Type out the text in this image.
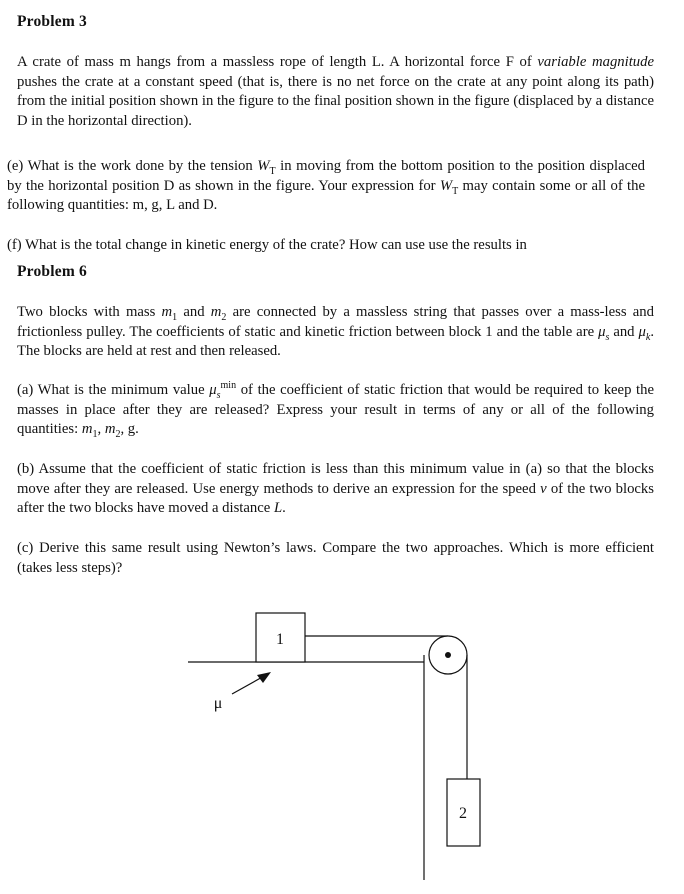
Problem 3

A crate of mass m hangs from a massless rope of length L. A horizontal force F of variable magnitude pushes the crate at a constant speed (that is, there is no net force on the crate at any point along its path) from the initial position shown in the figure to the final position shown in the figure (displaced by a distance D in the horizontal direction).

(e) What is the work done by the tension $W_T$ in moving from the bottom position to the position displaced by the horizontal position D as shown in the figure. Your expression for $W_T$ may contain some or all of the following quantities: m, g, L and D.

(f) What is the total change in kinetic energy of the crate? How can use use the results in

Problem 6

Two blocks with mass $m_1$ and $m_2$ are connected by a massless string that passes over a mass-less and frictionless pulley. The coefficients of static and kinetic friction between block 1 and the table are $\mu_s$ and $\mu_k$. The blocks are held at rest and then released.

(a) What is the minimum value $\mu_s^{min}$ of the coefficient of static friction that would be required to keep the masses in place after they are released? Express your result in terms of any or all of the following quantities: $m_1$, $m_2$, g.

(b) Assume that the coefficient of static friction is less than this minimum value in (a) so that the blocks move after they are released. Use energy methods to derive an expression for the speed v of the two blocks after the two blocks have moved a distance L.

(c) Derive this same result using Newton’s laws. Compare the two approaches. Which is more efficient (takes less steps)?

1
2
μ
